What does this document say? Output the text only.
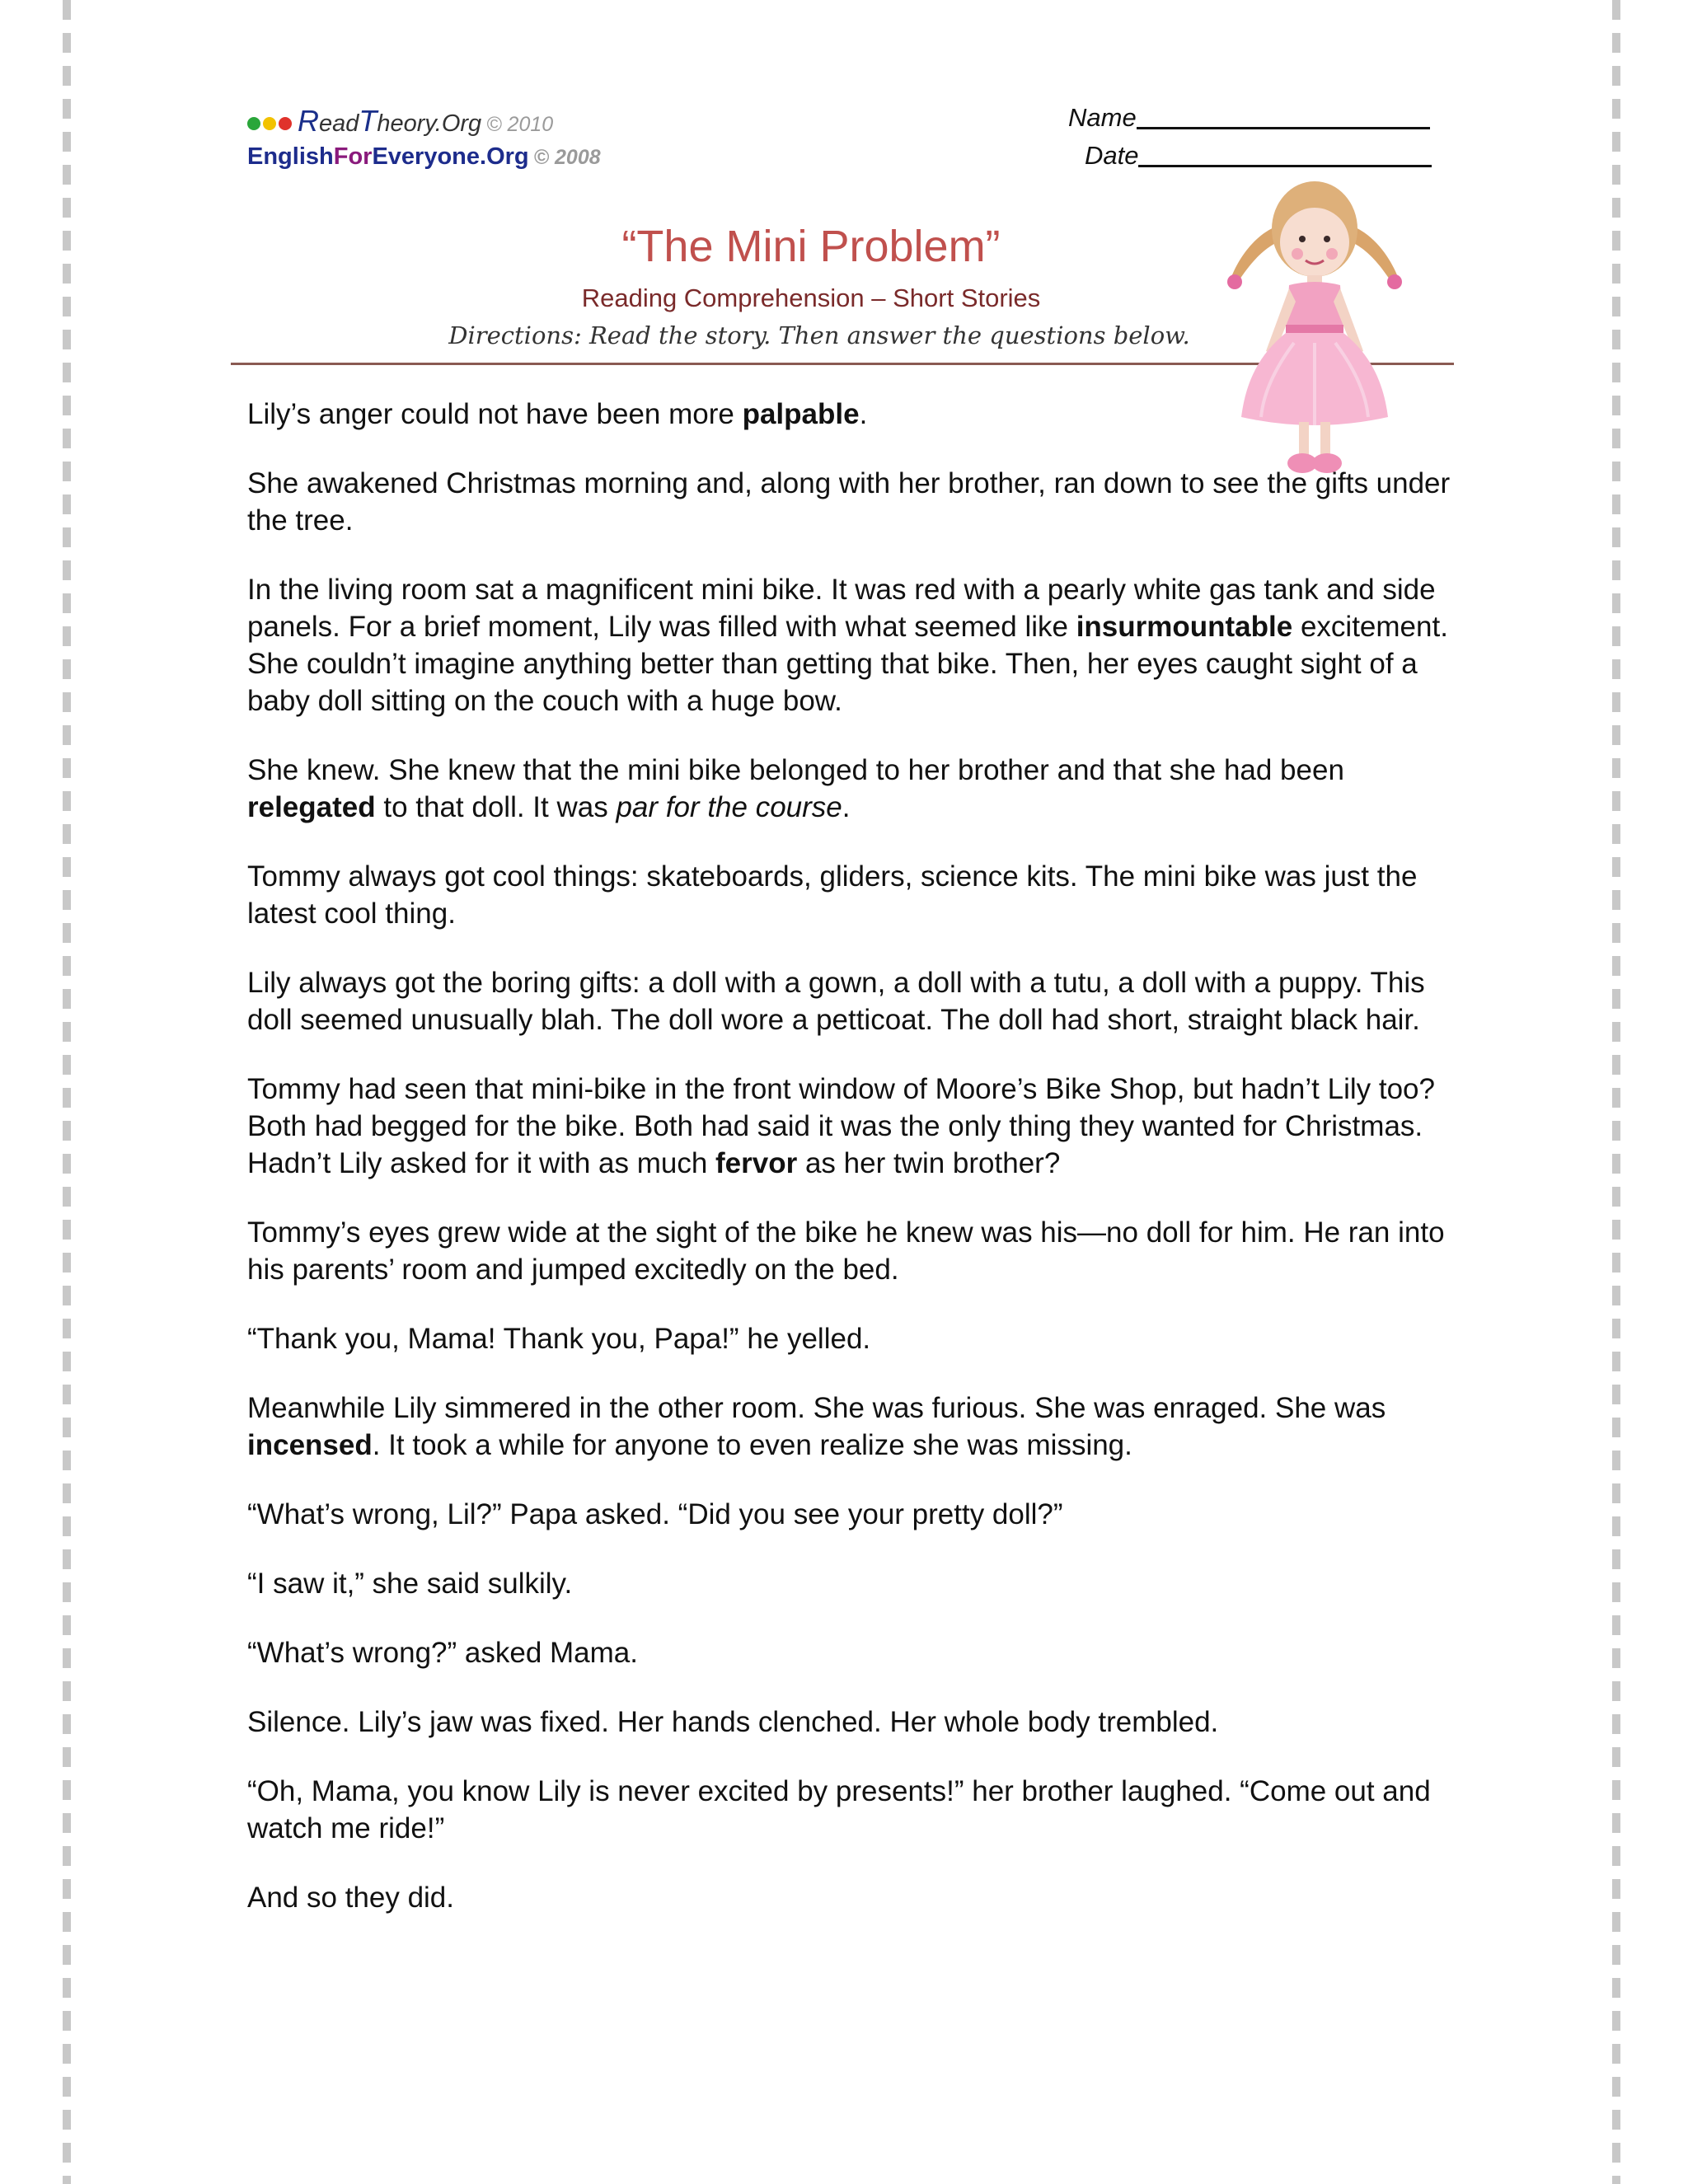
ReadTheory.Org © 2010
EnglishForEveryone.Org © 2008
Name
Date
“The Mini Problem”
Reading Comprehension – Short Stories
Directions: Read the story. Then answer the questions below.

Lily’s anger could not have been more palpable.

She awakened Christmas morning and, along with her brother, ran down to see the gifts under the tree.

In the living room sat a magnificent mini bike. It was red with a pearly white gas tank and side panels. For a brief moment, Lily was filled with what seemed like insurmountable excitement. She couldn’t imagine anything better than getting that bike. Then, her eyes caught sight of a baby doll sitting on the couch with a huge bow.

She knew. She knew that the mini bike belonged to her brother and that she had been relegated to that doll. It was par for the course.

Tommy always got cool things: skateboards, gliders, science kits. The mini bike was just the latest cool thing.

Lily always got the boring gifts: a doll with a gown, a doll with a tutu, a doll with a puppy. This doll seemed unusually blah. The doll wore a petticoat. The doll had short, straight black hair.

Tommy had seen that mini-bike in the front window of Moore’s Bike Shop, but hadn’t Lily too? Both had begged for the bike. Both had said it was the only thing they wanted for Christmas. Hadn’t Lily asked for it with as much fervor as her twin brother?

Tommy’s eyes grew wide at the sight of the bike he knew was his—no doll for him. He ran into his parents’ room and jumped excitedly on the bed.

“Thank you, Mama! Thank you, Papa!” he yelled.

Meanwhile Lily simmered in the other room. She was furious. She was enraged. She was incensed. It took a while for anyone to even realize she was missing.

“What’s wrong, Lil?” Papa asked. “Did you see your pretty doll?”

“I saw it,” she said sulkily.

“What’s wrong?” asked Mama.

Silence. Lily’s jaw was fixed. Her hands clenched. Her whole body trembled.

“Oh, Mama, you know Lily is never excited by presents!” her brother laughed. “Come out and watch me ride!”

And so they did.
